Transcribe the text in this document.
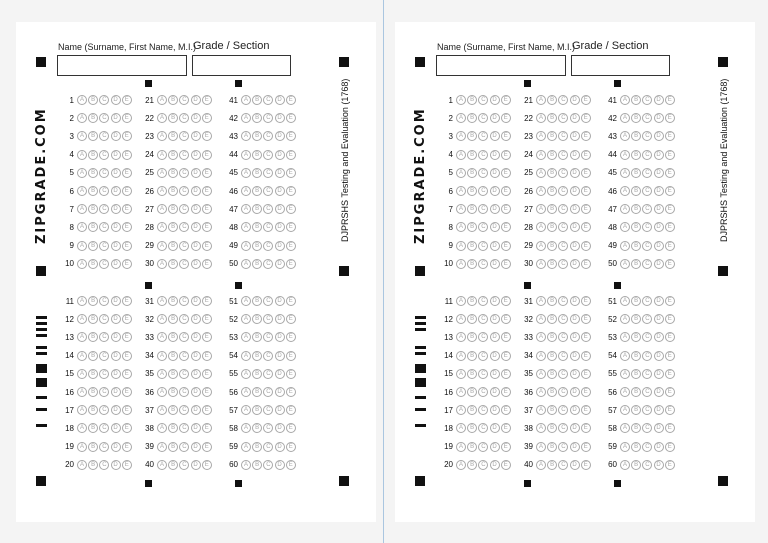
Name (Surname, First Name, M.I.)
Grade / Section
ZIPGRADE.COM	DJPRSHS Testing and Evaluation (1768)
1 A	B	C	D	E
2 A	B	C	D	E
3 A	B	C	D	E
4 A	B	C	D	E
5 A	B	C	D	E
6 A	B	C	D	E
7 A	B	C	D	E
8 A	B	C	D	E
9 A	B	C	D	E
10 A	B	C	D	E
21 A	B	C	D	E
22 A	B	C	D	E
23 A	B	C	D	E
24 A	B	C	D	E
25 A	B	C	D	E
26 A	B	C	D	E
27 A	B	C	D	E
28 A	B	C	D	E
29 A	B	C	D	E
30 A	B	C	D	E
41 A	B	C	D	E
42 A	B	C	D	E
43 A	B	C	D	E
44 A	B	C	D	E
45 A	B	C	D	E
46 A	B	C	D	E
47 A	B	C	D	E
48 A	B	C	D	E
49 A	B	C	D	E
50 A	B	C	D	E
11 A	B	C	D	E
12 A	B	C	D	E
13 A	B	C	D	E
14 A	B	C	D	E
15 A	B	C	D	E
16 A	B	C	D	E
17 A	B	C	D	E
18 A	B	C	D	E
19 A	B	C	D	E
20 A	B	C	D	E
31 A	B	C	D	E
32 A	B	C	D	E
33 A	B	C	D	E
34 A	B	C	D	E
35 A	B	C	D	E
36 A	B	C	D	E
37 A	B	C	D	E
38 A	B	C	D	E
39 A	B	C	D	E
40 A	B	C	D	E
51 A	B	C	D	E
52 A	B	C	D	E
53 A	B	C	D	E
54 A	B	C	D	E
55 A	B	C	D	E
56 A	B	C	D	E
57 A	B	C	D	E
58 A	B	C	D	E
59 A	B	C	D	E
60 A	B	C	D	E
Name (Surname, First Name, M.I.)
Grade / Section
ZIPGRADE.COM	DJPRSHS Testing and Evaluation (1768)
1 A	B	C	D	E
2 A	B	C	D	E
3 A	B	C	D	E
4 A	B	C	D	E
5 A	B	C	D	E
6 A	B	C	D	E
7 A	B	C	D	E
8 A	B	C	D	E
9 A	B	C	D	E
10 A	B	C	D	E
21 A	B	C	D	E
22 A	B	C	D	E
23 A	B	C	D	E
24 A	B	C	D	E
25 A	B	C	D	E
26 A	B	C	D	E
27 A	B	C	D	E
28 A	B	C	D	E
29 A	B	C	D	E
30 A	B	C	D	E
41 A	B	C	D	E
42 A	B	C	D	E
43 A	B	C	D	E
44 A	B	C	D	E
45 A	B	C	D	E
46 A	B	C	D	E
47 A	B	C	D	E
48 A	B	C	D	E
49 A	B	C	D	E
50 A	B	C	D	E
11 A	B	C	D	E
12 A	B	C	D	E
13 A	B	C	D	E
14 A	B	C	D	E
15 A	B	C	D	E
16 A	B	C	D	E
17 A	B	C	D	E
18 A	B	C	D	E
19 A	B	C	D	E
20 A	B	C	D	E
31 A	B	C	D	E
32 A	B	C	D	E
33 A	B	C	D	E
34 A	B	C	D	E
35 A	B	C	D	E
36 A	B	C	D	E
37 A	B	C	D	E
38 A	B	C	D	E
39 A	B	C	D	E
40 A	B	C	D	E
51 A	B	C	D	E
52 A	B	C	D	E
53 A	B	C	D	E
54 A	B	C	D	E
55 A	B	C	D	E
56 A	B	C	D	E
57 A	B	C	D	E
58 A	B	C	D	E
59 A	B	C	D	E
60 A	B	C	D	E
